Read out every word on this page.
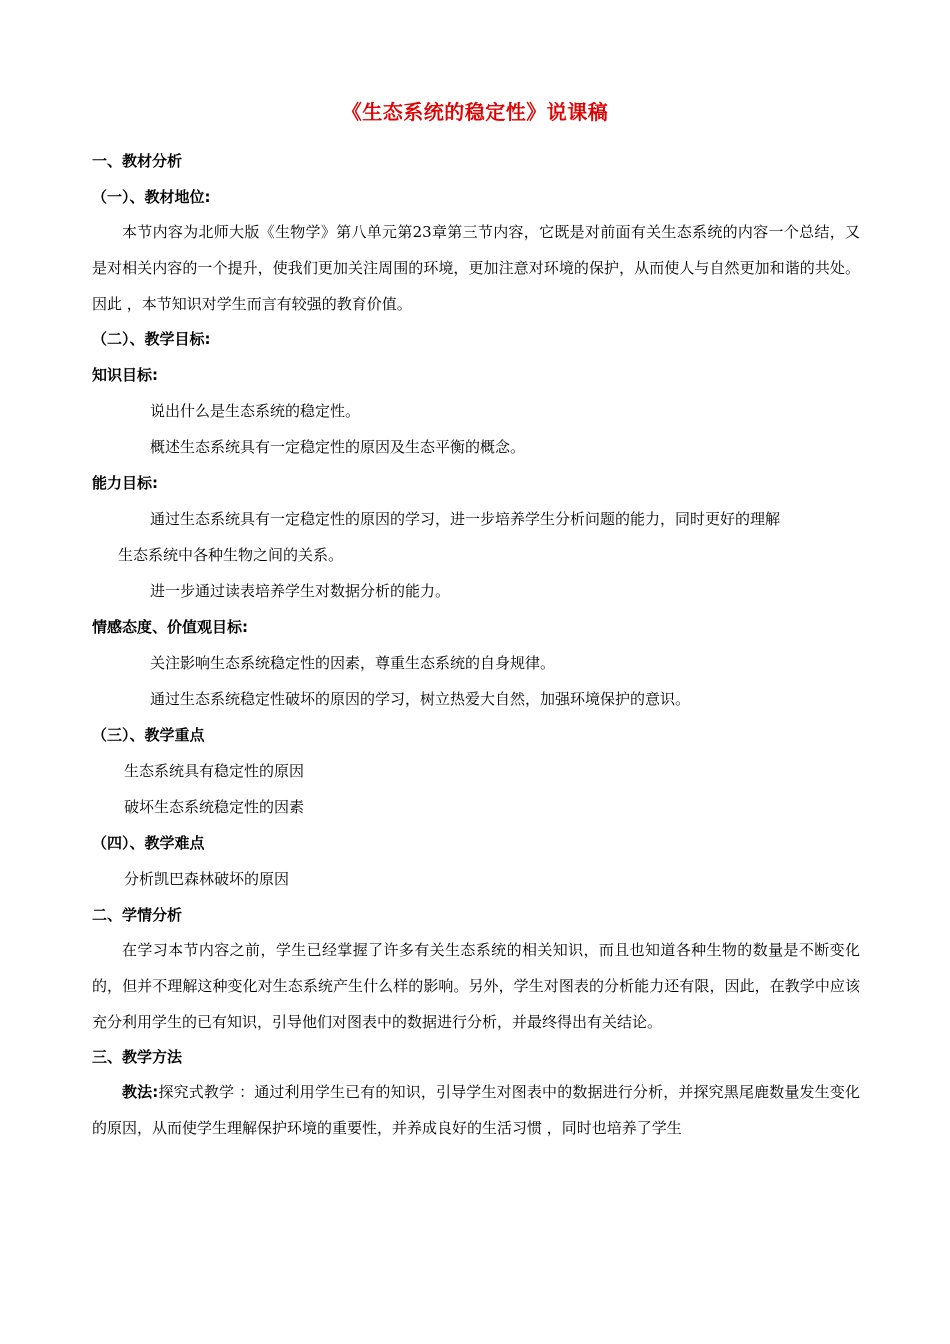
《生态系统的稳定性》说课稿
一、教材分析
（一）、教材地位:
本节内容为北师大版《生物学》第八单元第23章第三节内容，它既是对前面有关生态系统的内容一个总结，又是对相关内容的一个提升，使我们更加关注周围的环境，更加注意对环境的保护，从而使人与自然更加和谐的共处。因此 ，本节知识对学生而言有较强的教育价值。
（二）、教学目标:
知识目标:
说出什么是生态系统的稳定性。
概述生态系统具有一定稳定性的原因及生态平衡的概念。
能力目标:
通过生态系统具有一定稳定性的原因的学习，进一步培养学生分析问题的能力，同时更好的理解
生态系统中各种生物之间的关系。
进一步通过读表培养学生对数据分析的能力。
情感态度、价值观目标:
关注影响生态系统稳定性的因素，尊重生态系统的自身规律。
通过生态系统稳定性破坏的原因的学习，树立热爱大自然，加强环境保护的意识。
（三）、教学重点
生态系统具有稳定性的原因
破坏生态系统稳定性的因素
（四）、教学难点
分析凯巴森林破坏的原因
二、学情分析
在学习本节内容之前，学生已经掌握了许多有关生态系统的相关知识，而且也知道各种生物的数量是不断变化的，但并不理解这种变化对生态系统产生什么样的影响。另外，学生对图表的分析能力还有限，因此，在教学中应该充分利用学生的已有知识，引导他们对图表中的数据进行分析，并最终得出有关结论。
三、教学方法
教法:探究式教学 ：通过利用学生已有的知识，引导学生对图表中的数据进行分析，并探究黑尾鹿数量发生变化的原因，从而使学生理解保护环境的重要性，并养成良好的生活习惯 ，同时也培养了学生
